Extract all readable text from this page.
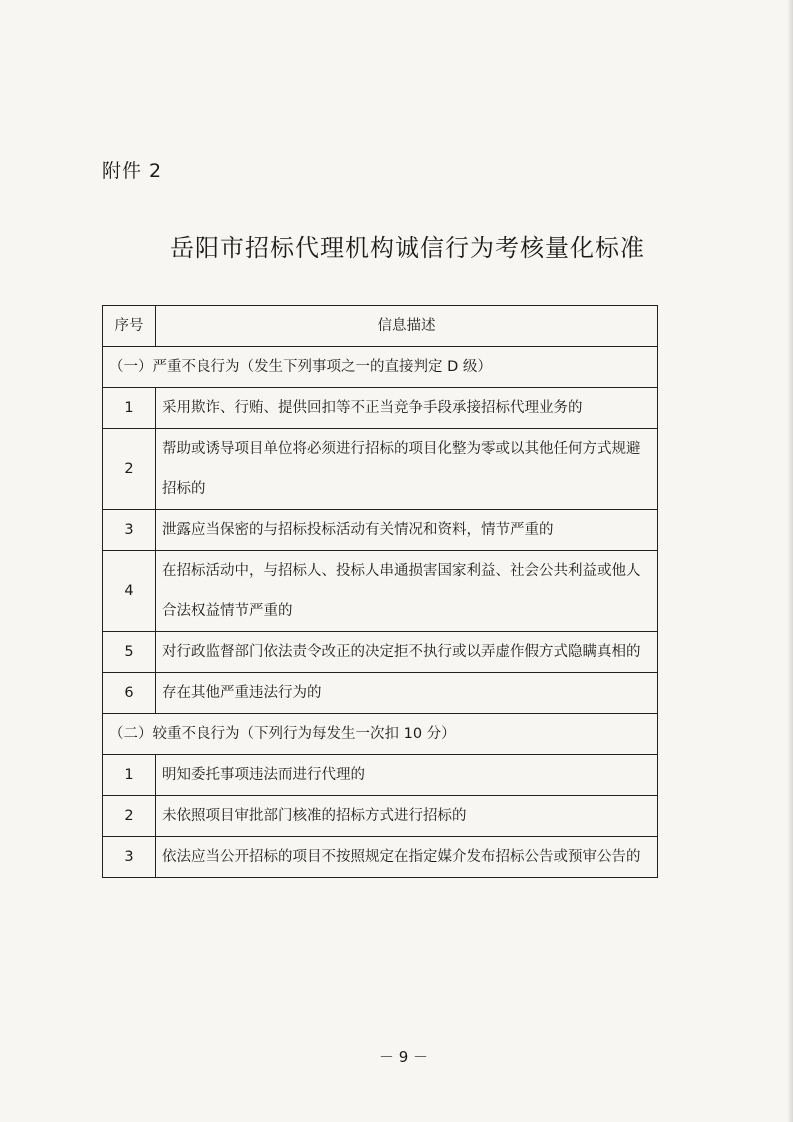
附件 2
岳阳市招标代理机构诚信行为考核量化标准
序号	信息描述
（一）严重不良行为（发生下列事项之一的直接判定 D 级）	
1	采用欺诈、行贿、提供回扣等不正当竞争手段承接招标代理业务的
2	帮助或诱导项目单位将必须进行招标的项目化整为零或以其他任何方式规避招标的
3	泄露应当保密的与招标投标活动有关情况和资料，情节严重的
4	在招标活动中，与招标人、投标人串通损害国家利益、社会公共利益或他人合法权益情节严重的
5	对行政监督部门依法责令改正的决定拒不执行或以弄虚作假方式隐瞒真相的
6	存在其他严重违法行为的
（二）较重不良行为（下列行为每发生一次扣 10 分）	
1	明知委托事项违法而进行代理的
2	未依照项目审批部门核准的招标方式进行招标的
3	依法应当公开招标的项目不按照规定在指定媒介发布招标公告或预审公告的
－ 9 －
